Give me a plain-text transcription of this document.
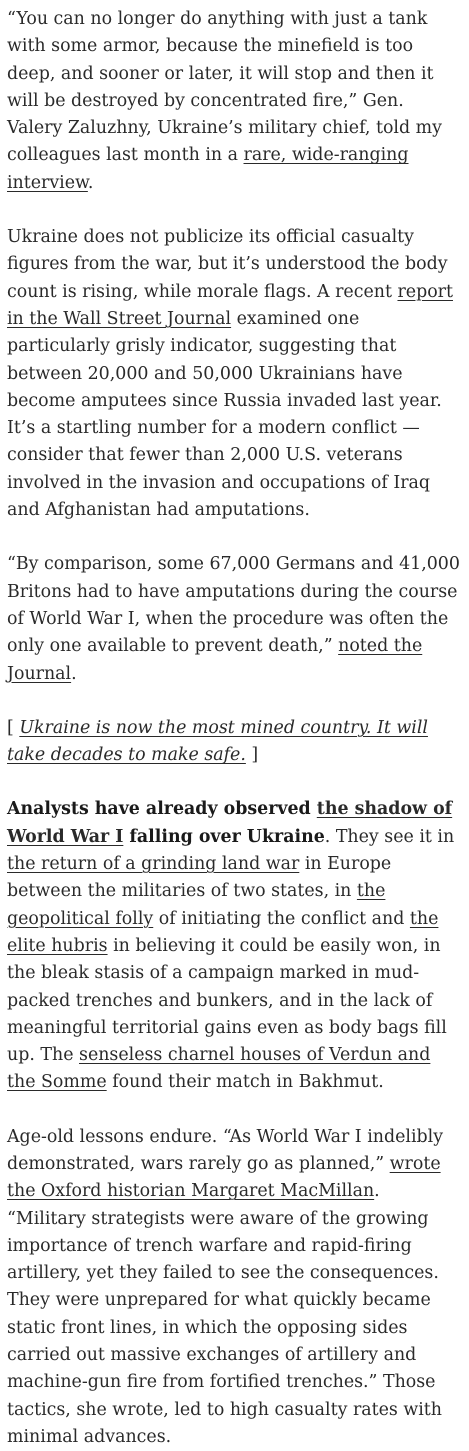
“You can no longer do anything with just a tank with some armor, because the minefield is too deep, and sooner or later, it will stop and then it will be destroyed by concentrated fire,” Gen. Valery Zaluzhny, Ukraine’s military chief, told my colleagues last month in a rare, wide-ranging interview.

Ukraine does not publicize its official casualty figures from the war, but it’s understood the body count is rising, while morale flags. A recent report in the Wall Street Journal examined one particularly grisly indicator, suggesting that between 20,000 and 50,000 Ukrainians have become amputees since Russia invaded last year. It’s a startling number for a modern conflict — consider that fewer than 2,000 U.S. veterans involved in the invasion and occupations of Iraq and Afghanistan had amputations.

“By comparison, some 67,000 Germans and 41,000 Britons had to have amputations during the course of World War I, when the procedure was often the only one available to prevent death,” noted the Journal.

[ Ukraine is now the most mined country. It will take decades to make safe. ]

Analysts have already observed the shadow of World War I falling over Ukraine. They see it in the return of a grinding land war in Europe between the militaries of two states, in the geopolitical folly of initiating the conflict and the elite hubris in believing it could be easily won, in the bleak stasis of a campaign marked in mud-packed trenches and bunkers, and in the lack of meaningful territorial gains even as body bags fill up. The senseless charnel houses of Verdun and the Somme found their match in Bakhmut.

Age-old lessons endure. “As World War I indelibly demonstrated, wars rarely go as planned,” wrote the Oxford historian Margaret MacMillan. “Military strategists were aware of the growing importance of trench warfare and rapid-firing artillery, yet they failed to see the consequences. They were unprepared for what quickly became static front lines, in which the opposing sides carried out massive exchanges of artillery and machine-gun fire from fortified trenches.” Those tactics, she wrote, led to high casualty rates with minimal advances.
